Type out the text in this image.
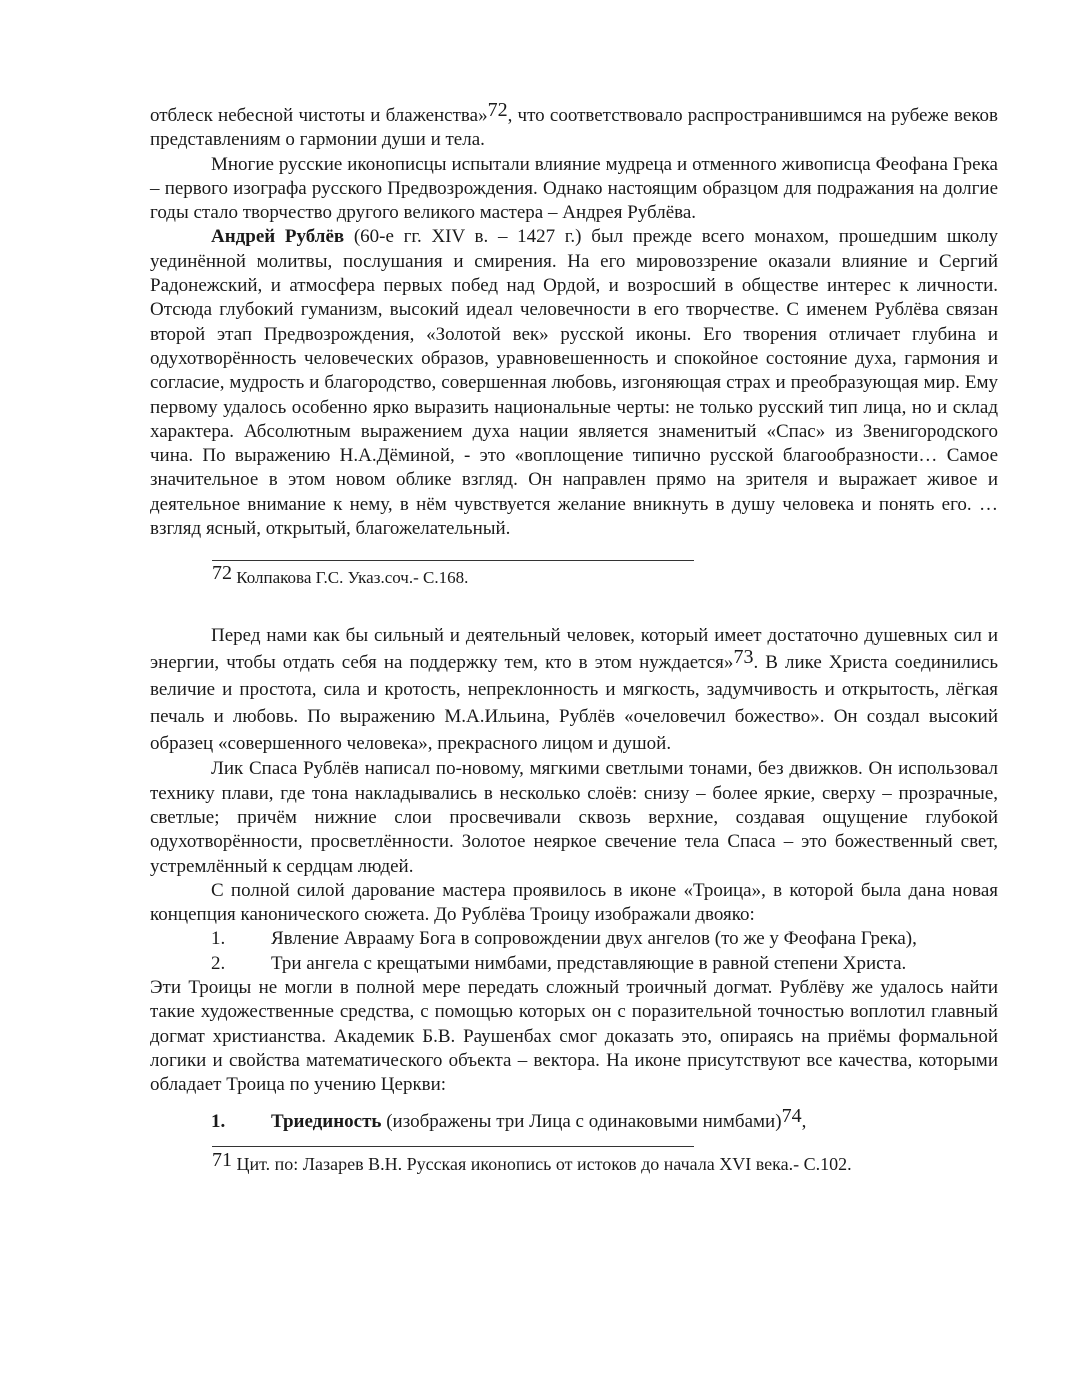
отблеск небесной чистоты и блаженства»$^{72}$, что соответствовало распространившимся на рубеже веков представлениям о гармонии души и тела.

Многие русские иконописцы испытали влияние мудреца и отменного живописца Феофана Грека – первого изографа русского Предвозрождения. Однако настоящим образцом для подражания на долгие годы стало творчество другого великого мастера – Андрея Рублёва.

Андрей Рублёв (60-е гг. XIV в. – 1427 г.) был прежде всего монахом, прошедшим школу уединённой молитвы, послушания и смирения. На его мировоззрение оказали влияние и Сергий Радонежский, и атмосфера первых побед над Ордой, и возросший в обществе интерес к личности. Отсюда глубокий гуманизм, высокий идеал человечности в его творчестве. С именем Рублёва связан второй этап Предвозрождения, «Золотой век» русской иконы. Его творения отличает глубина и одухотворённость человеческих образов, уравновешенность и спокойное состояние духа, гармония и согласие, мудрость и благородство, совершенная любовь, изгоняющая страх и преобразующая мир. Ему первому удалось особенно ярко выразить национальные черты: не только русский тип лица, но и склад характера. Абсолютным выражением духа нации является знаменитый «Спас» из Звенигородского чина. По выражению Н.А.Дёминой, - это «воплощение типично русской благообразности… Самое значительное в этом новом облике взгляд. Он направлен прямо на зрителя и выражает живое и деятельное внимание к нему, в нём чувствуется желание вникнуть в душу человека и понять его. … взгляд ясный, открытый, благожелательный.

$^{72}$ Колпакова Г.С. Указ.соч.- С.168.

Перед нами как бы сильный и деятельный человек, который имеет достаточно душевных сил и энергии, чтобы отдать себя на поддержку тем, кто в этом нуждается»$^{73}$. В лике Христа соединились величие и простота, сила и кротость, непреклонность и мягкость, задумчивость и открытость, лёгкая печаль и любовь. По выражению М.А.Ильина, Рублёв «очеловечил божество». Он создал высокий образец «совершенного человека», прекрасного лицом и душой.

Лик Спаса Рублёв написал по-новому, мягкими светлыми тонами, без движков. Он использовал технику плави, где тона накладывались в несколько слоёв: снизу – более яркие, сверху – прозрачные, светлые; причём нижние слои просвечивали сквозь верхние, создавая ощущение глубокой одухотворённости, просветлённости. Золотое неяркое свечение тела Спаса – это божественный свет, устремлённый к сердцам людей.

С полной силой дарование мастера проявилось в иконе «Троица», в которой была дана новая концепция канонического сюжета. До Рублёва Троицу изображали двояко:

1. Явление Аврааму Бога в сопровождении двух ангелов (то же у Феофана Грека),

2. Три ангела с крещатыми нимбами, представляющие в равной степени Христа.

Эти Троицы не могли в полной мере передать сложный троичный догмат. Рублёву же удалось найти такие художественные средства, с помощью которых он с поразительной точностью воплотил главный догмат христианства. Академик Б.В. Раушенбах смог доказать это, опираясь на приёмы формальной логики и свойства математического объекта – вектора. На иконе присутствуют все качества, которыми обладает Троица по учению Церкви:

1. Триединость (изображены три Лица с одинаковыми нимбами)$^{74}$,

$^{71}$ Цит. по: Лазарев В.Н. Русская иконопись от истоков до начала XVI века.- С.102.
